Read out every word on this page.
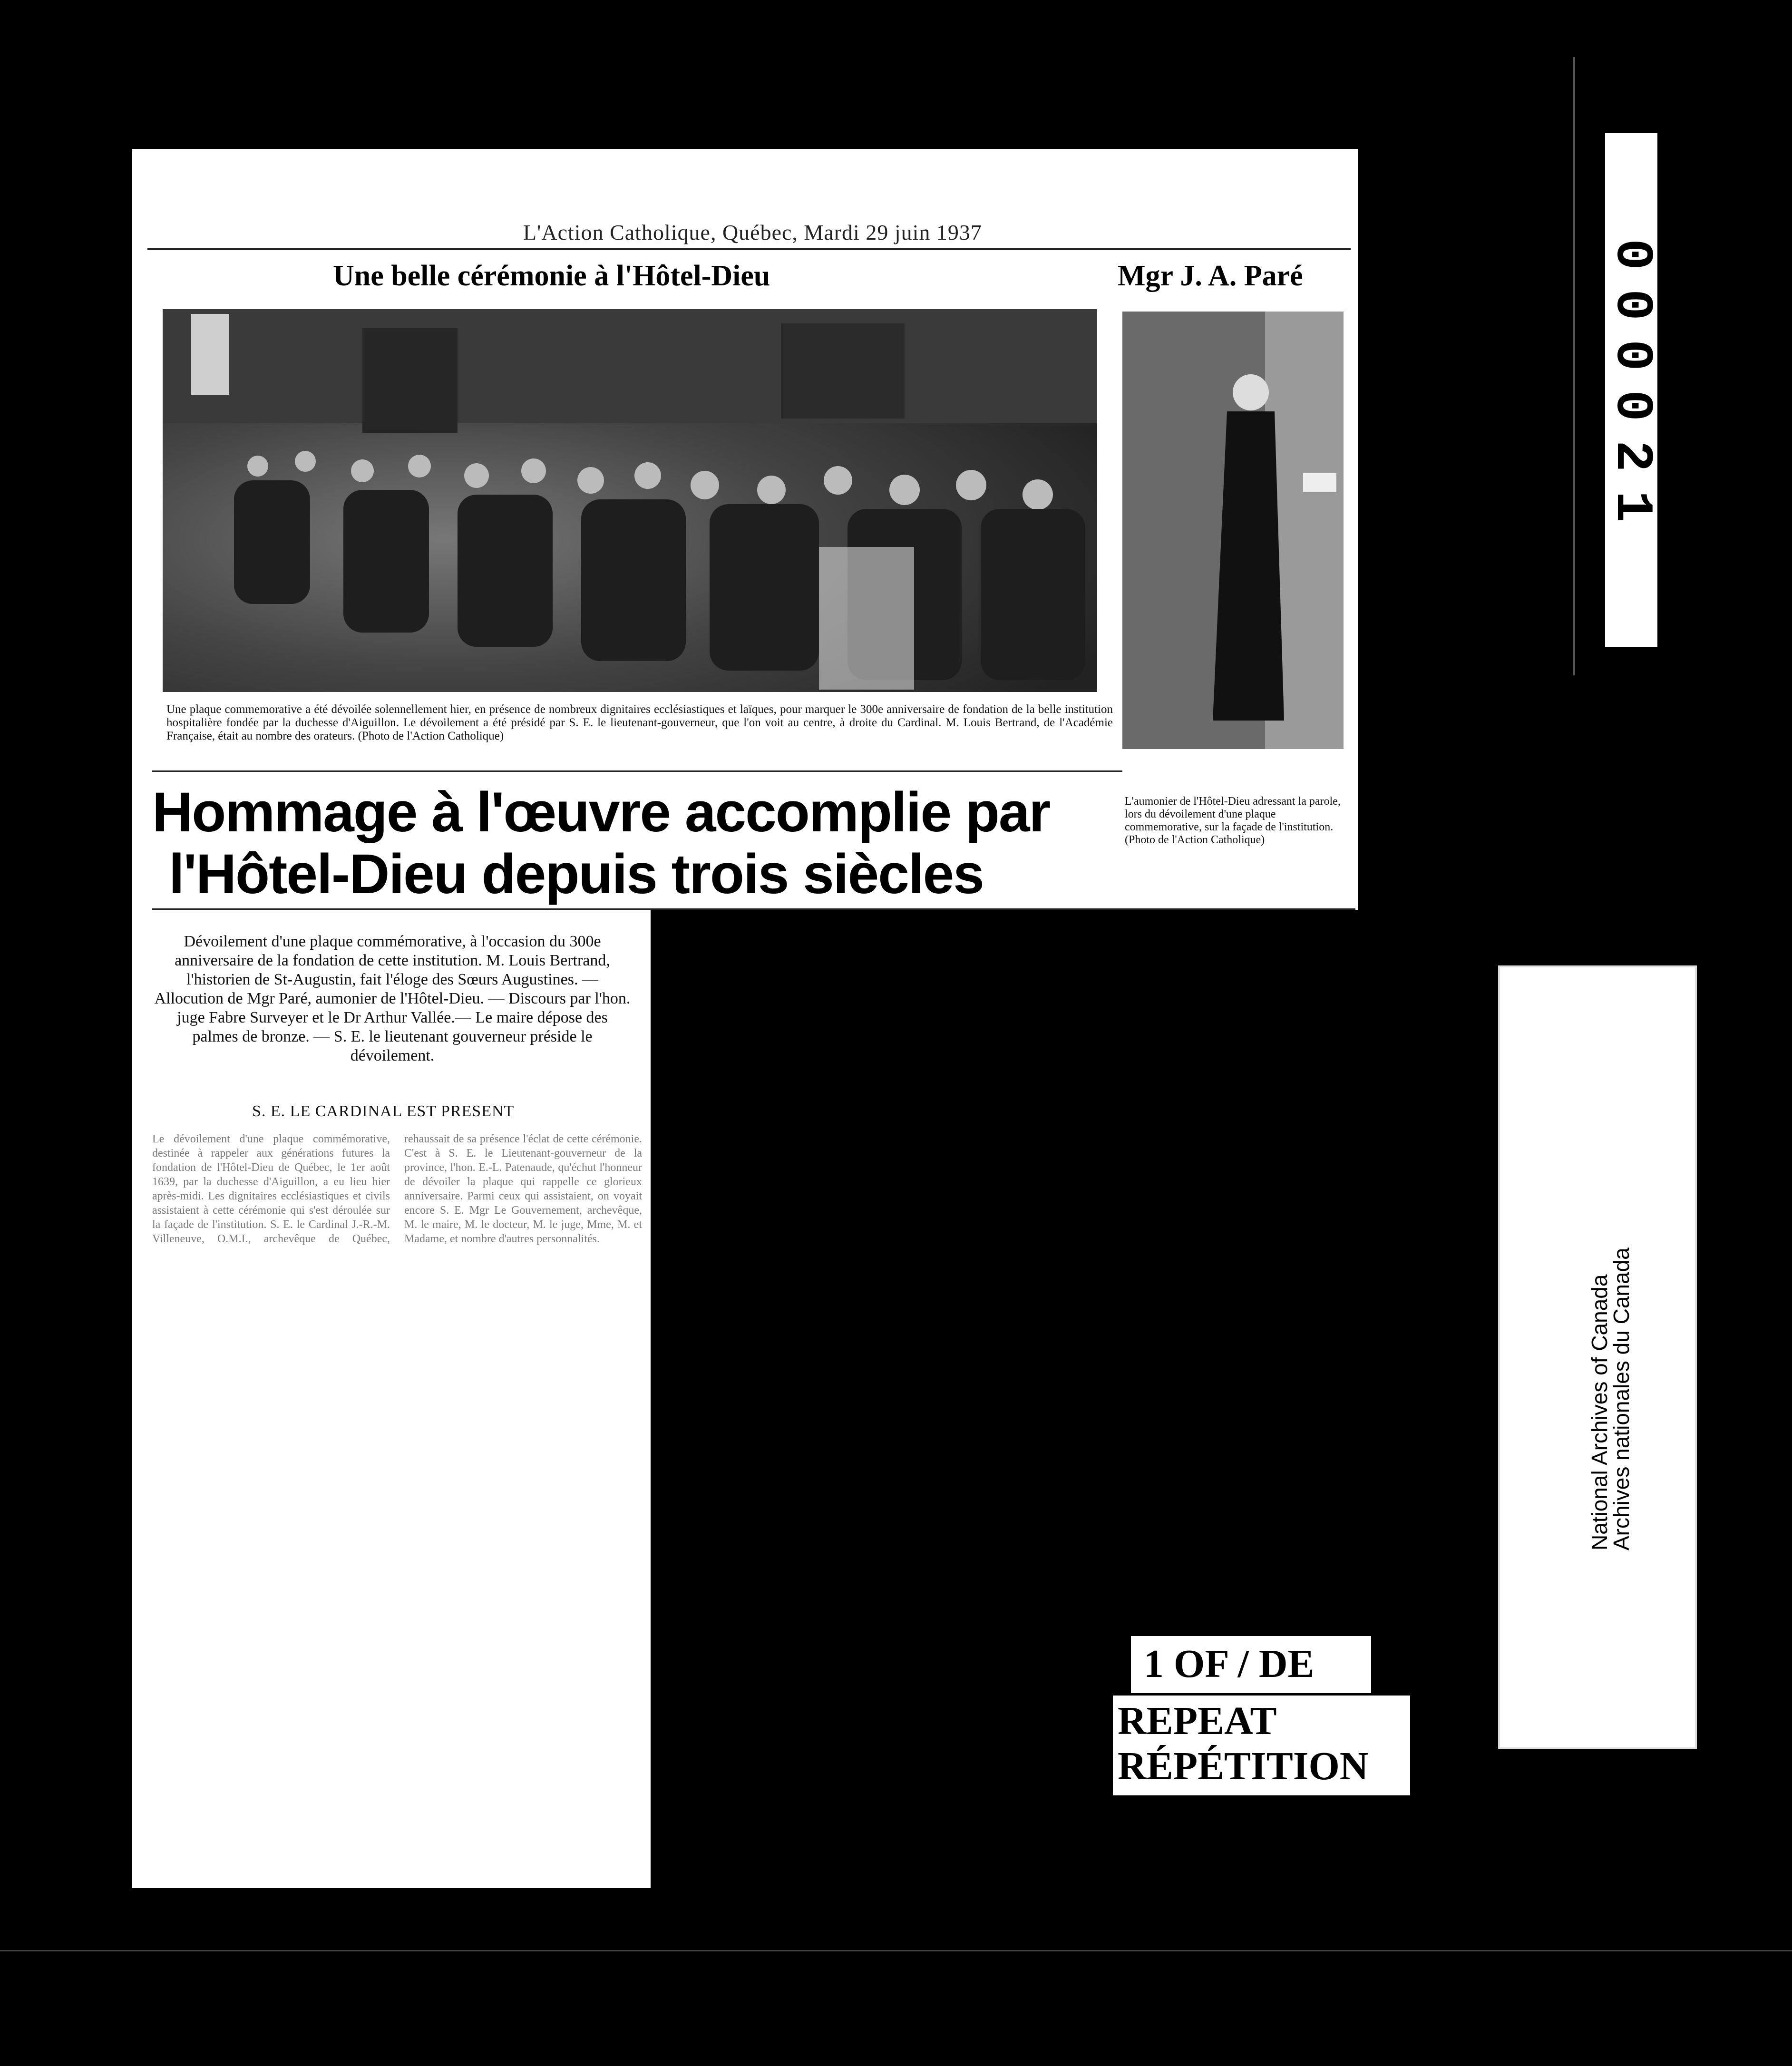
L'Action Catholique, Québec, Mardi 29 juin 1937
Une belle cérémonie à l'Hôtel-Dieu	Mgr J. A. Paré
Une plaque commemorative a été dévoilée solennellement hier, en présence de nombreux dignitaires ecclésiastiques et laïques, pour marquer le 300e anniversaire de fondation de la belle institution hospitalière fondée par la duchesse d'Aiguillon. Le dévoilement a été présidé par S. E. le lieutenant-gouverneur, que l'on voit au centre, à droite du Cardinal. M. Louis Bertrand, de l'Académie Française, était au nombre des orateurs. (Photo de l'Action Catholique)
L'aumonier de l'Hôtel-Dieu adressant la parole, lors du dévoilement d'une plaque commemorative, sur la façade de l'institution. (Photo de l'Action Catholique)
Hommage à l'œuvre accomplie par
l'Hôtel-Dieu depuis trois siècles
Hom
Dévoilement d'une plaque commémorative, à l'occasion du 300e anniversaire de la fondation de cette institution. M. Louis Bertrand, l'historien de St-Augustin, fait l'éloge des Sœurs Augustines. — Allocution de Mgr Paré, aumonier de l'Hôtel-Dieu. — Discours par l'hon. juge Fabre Surveyer et le Dr Arthur Vallée.— Le maire dépose des palmes de bronze. — S. E. le lieutenant gouverneur préside le dévoilement.
S. E. LE CARDINAL EST PRESENT
Le dévoilement d'une plaque commémorative, destinée à rappeler aux générations futures la fondation de l'Hôtel-Dieu de Québec, le 1er août 1639, par la duchesse d'Aiguillon, a eu lieu hier après-midi. Les dignitaires ecclésiastiques et civils assistaient à cette cérémonie qui s'est déroulée sur la façade de l'institution. S. E. le Cardinal J.-R.-M. Villeneuve, O.M.I., archevêque de Québec, rehaussait de sa présence l'éclat de cette cérémonie. C'est à S. E. le Lieutenant-gouverneur de la province, l'hon. E.-L. Patenaude, qu'échut l'honneur de dévoiler la plaque qui rappelle ce glorieux anniversaire. Parmi ceux qui assistaient, on voyait encore S. E. Mgr Le Gouvernement, archevêque, M. le maire, M. le docteur, M. le juge, Mme, M. et Madame, et nombre d'autres personnalités.
000021
National Archives of Canada
Archives nationales du Canada
1 OF / DE
REPEAT
RÉPÉTITION
